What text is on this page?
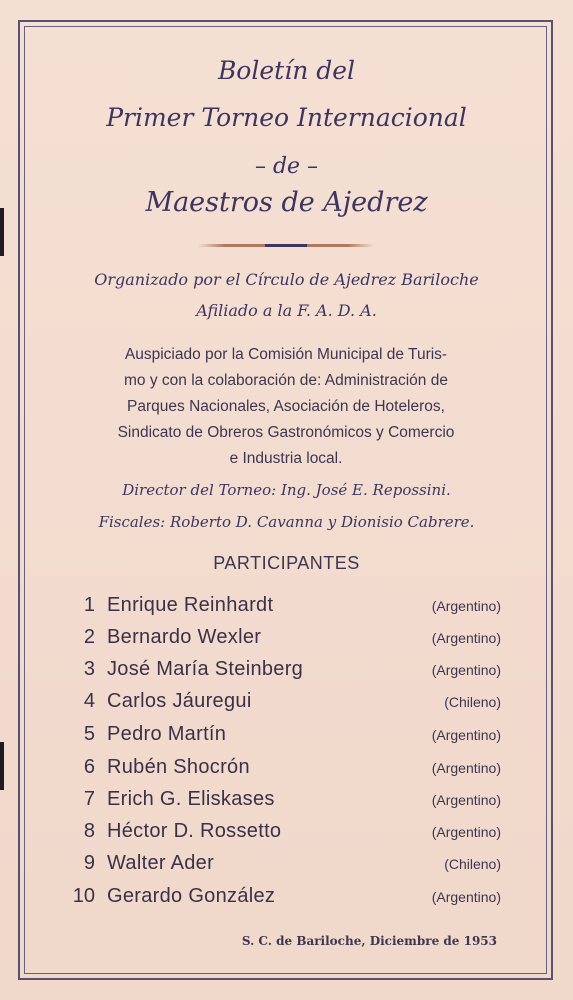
Boletín del
Primer Torneo Internacional
– de –
Maestros de Ajedrez
Organizado por el Círculo de Ajedrez Bariloche
Afiliado a la F. A. D. A.
Auspiciado por la Comisión Municipal de Turis-
mo y con la colaboración de: Administración de
Parques Nacionales, Asociación de Hoteleros,
Sindicato de Obreros Gastronómicos y Comercio
e Industria local.
Director del Torneo: Ing. José E. Repossini.
Fiscales: Roberto D. Cavanna y Dionisio Cabrere.
PARTICIPANTES
1 Enrique Reinhardt	(Argentino)
2 Bernardo Wexler	(Argentino)
3 José María Steinberg	(Argentino)
4 Carlos Jáuregui	(Chileno)
5 Pedro Martín	(Argentino)
6 Rubén Shocrón	(Argentino)
7 Erich G. Eliskases	(Argentino)
8 Héctor D. Rossetto	(Argentino)
9 Walter Ader	(Chileno)
10 Gerardo González	(Argentino)
S. C. de Bariloche, Diciembre de 1953
